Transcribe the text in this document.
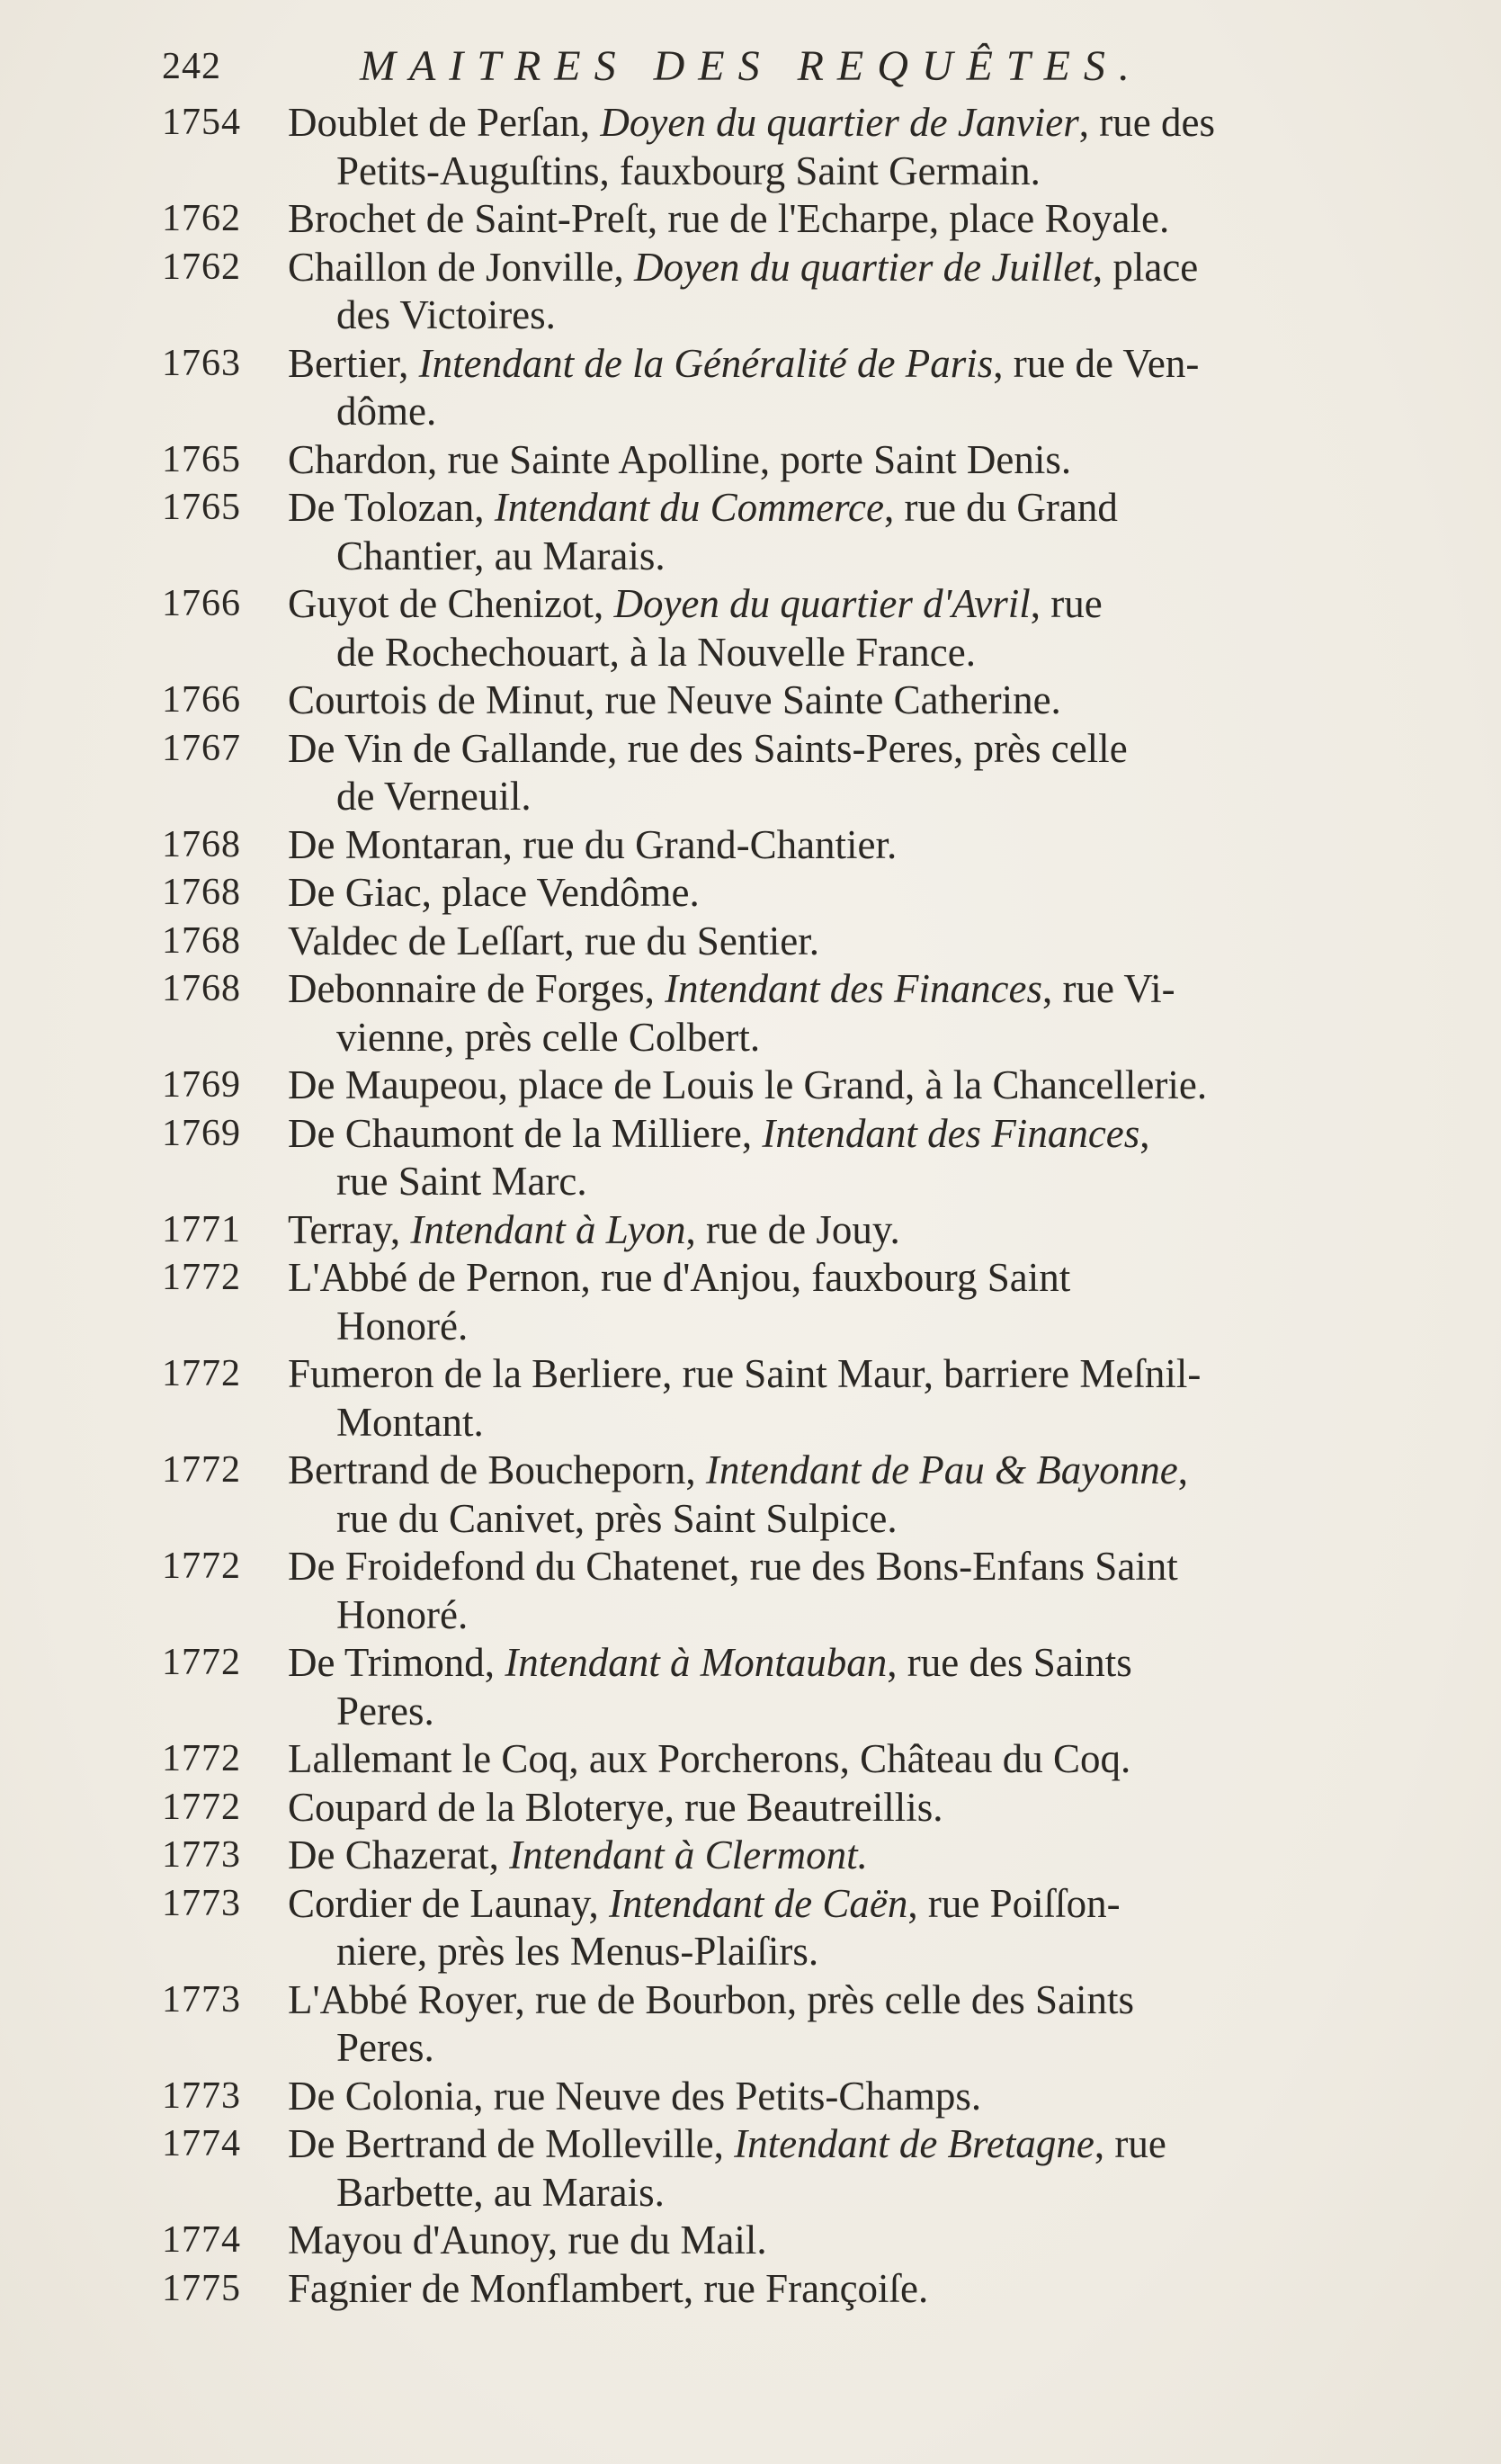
242	MAITRES DES REQUÊTES.
1754	Doublet de Perſan, Doyen du quartier de Janvier, rue des
Petits-Auguſtins, fauxbourg Saint Germain.
1762	Brochet de Saint-Preſt, rue de l'Echarpe, place Royale.
1762	Chaillon de Jonville, Doyen du quartier de Juillet, place
des Victoires.
1763	Bertier, Intendant de la Généralité de Paris, rue de Ven-
dôme.
1765	Chardon, rue Sainte Apolline, porte Saint Denis.
1765	De Tolozan, Intendant du Commerce, rue du Grand
Chantier, au Marais.
1766	Guyot de Chenizot, Doyen du quartier d'Avril, rue
de Rochechouart, à la Nouvelle France.
1766	Courtois de Minut, rue Neuve Sainte Catherine.
1767	De Vin de Gallande, rue des Saints-Peres, près celle
de Verneuil.
1768	De Montaran, rue du Grand-Chantier.
1768	De Giac, place Vendôme.
1768	Valdec de Leſſart, rue du Sentier.
1768	Debonnaire de Forges, Intendant des Finances, rue Vi-
vienne, près celle Colbert.
1769	De Maupeou, place de Louis le Grand, à la Chancellerie.
1769	De Chaumont de la Milliere, Intendant des Finances,
rue Saint Marc.
1771	Terray, Intendant à Lyon, rue de Jouy.
1772	L'Abbé de Pernon, rue d'Anjou, fauxbourg Saint
Honoré.
1772	Fumeron de la Berliere, rue Saint Maur, barriere Meſnil-
Montant.
1772	Bertrand de Boucheporn, Intendant de Pau & Bayonne,
rue du Canivet, près Saint Sulpice.
1772	De Froidefond du Chatenet, rue des Bons-Enfans Saint
Honoré.
1772	De Trimond, Intendant à Montauban, rue des Saints
Peres.
1772	Lallemant le Coq, aux Porcherons, Château du Coq.
1772	Coupard de la Bloterye, rue Beautreillis.
1773	De Chazerat, Intendant à Clermont.
1773	Cordier de Launay, Intendant de Caën, rue Poiſſon-
niere, près les Menus-Plaiſirs.
1773	L'Abbé Royer, rue de Bourbon, près celle des Saints
Peres.
1773	De Colonia, rue Neuve des Petits-Champs.
1774	De Bertrand de Molleville, Intendant de Bretagne, rue
Barbette, au Marais.
1774	Mayou d'Aunoy, rue du Mail.
1775	Fagnier de Monflambert, rue Françoiſe.
